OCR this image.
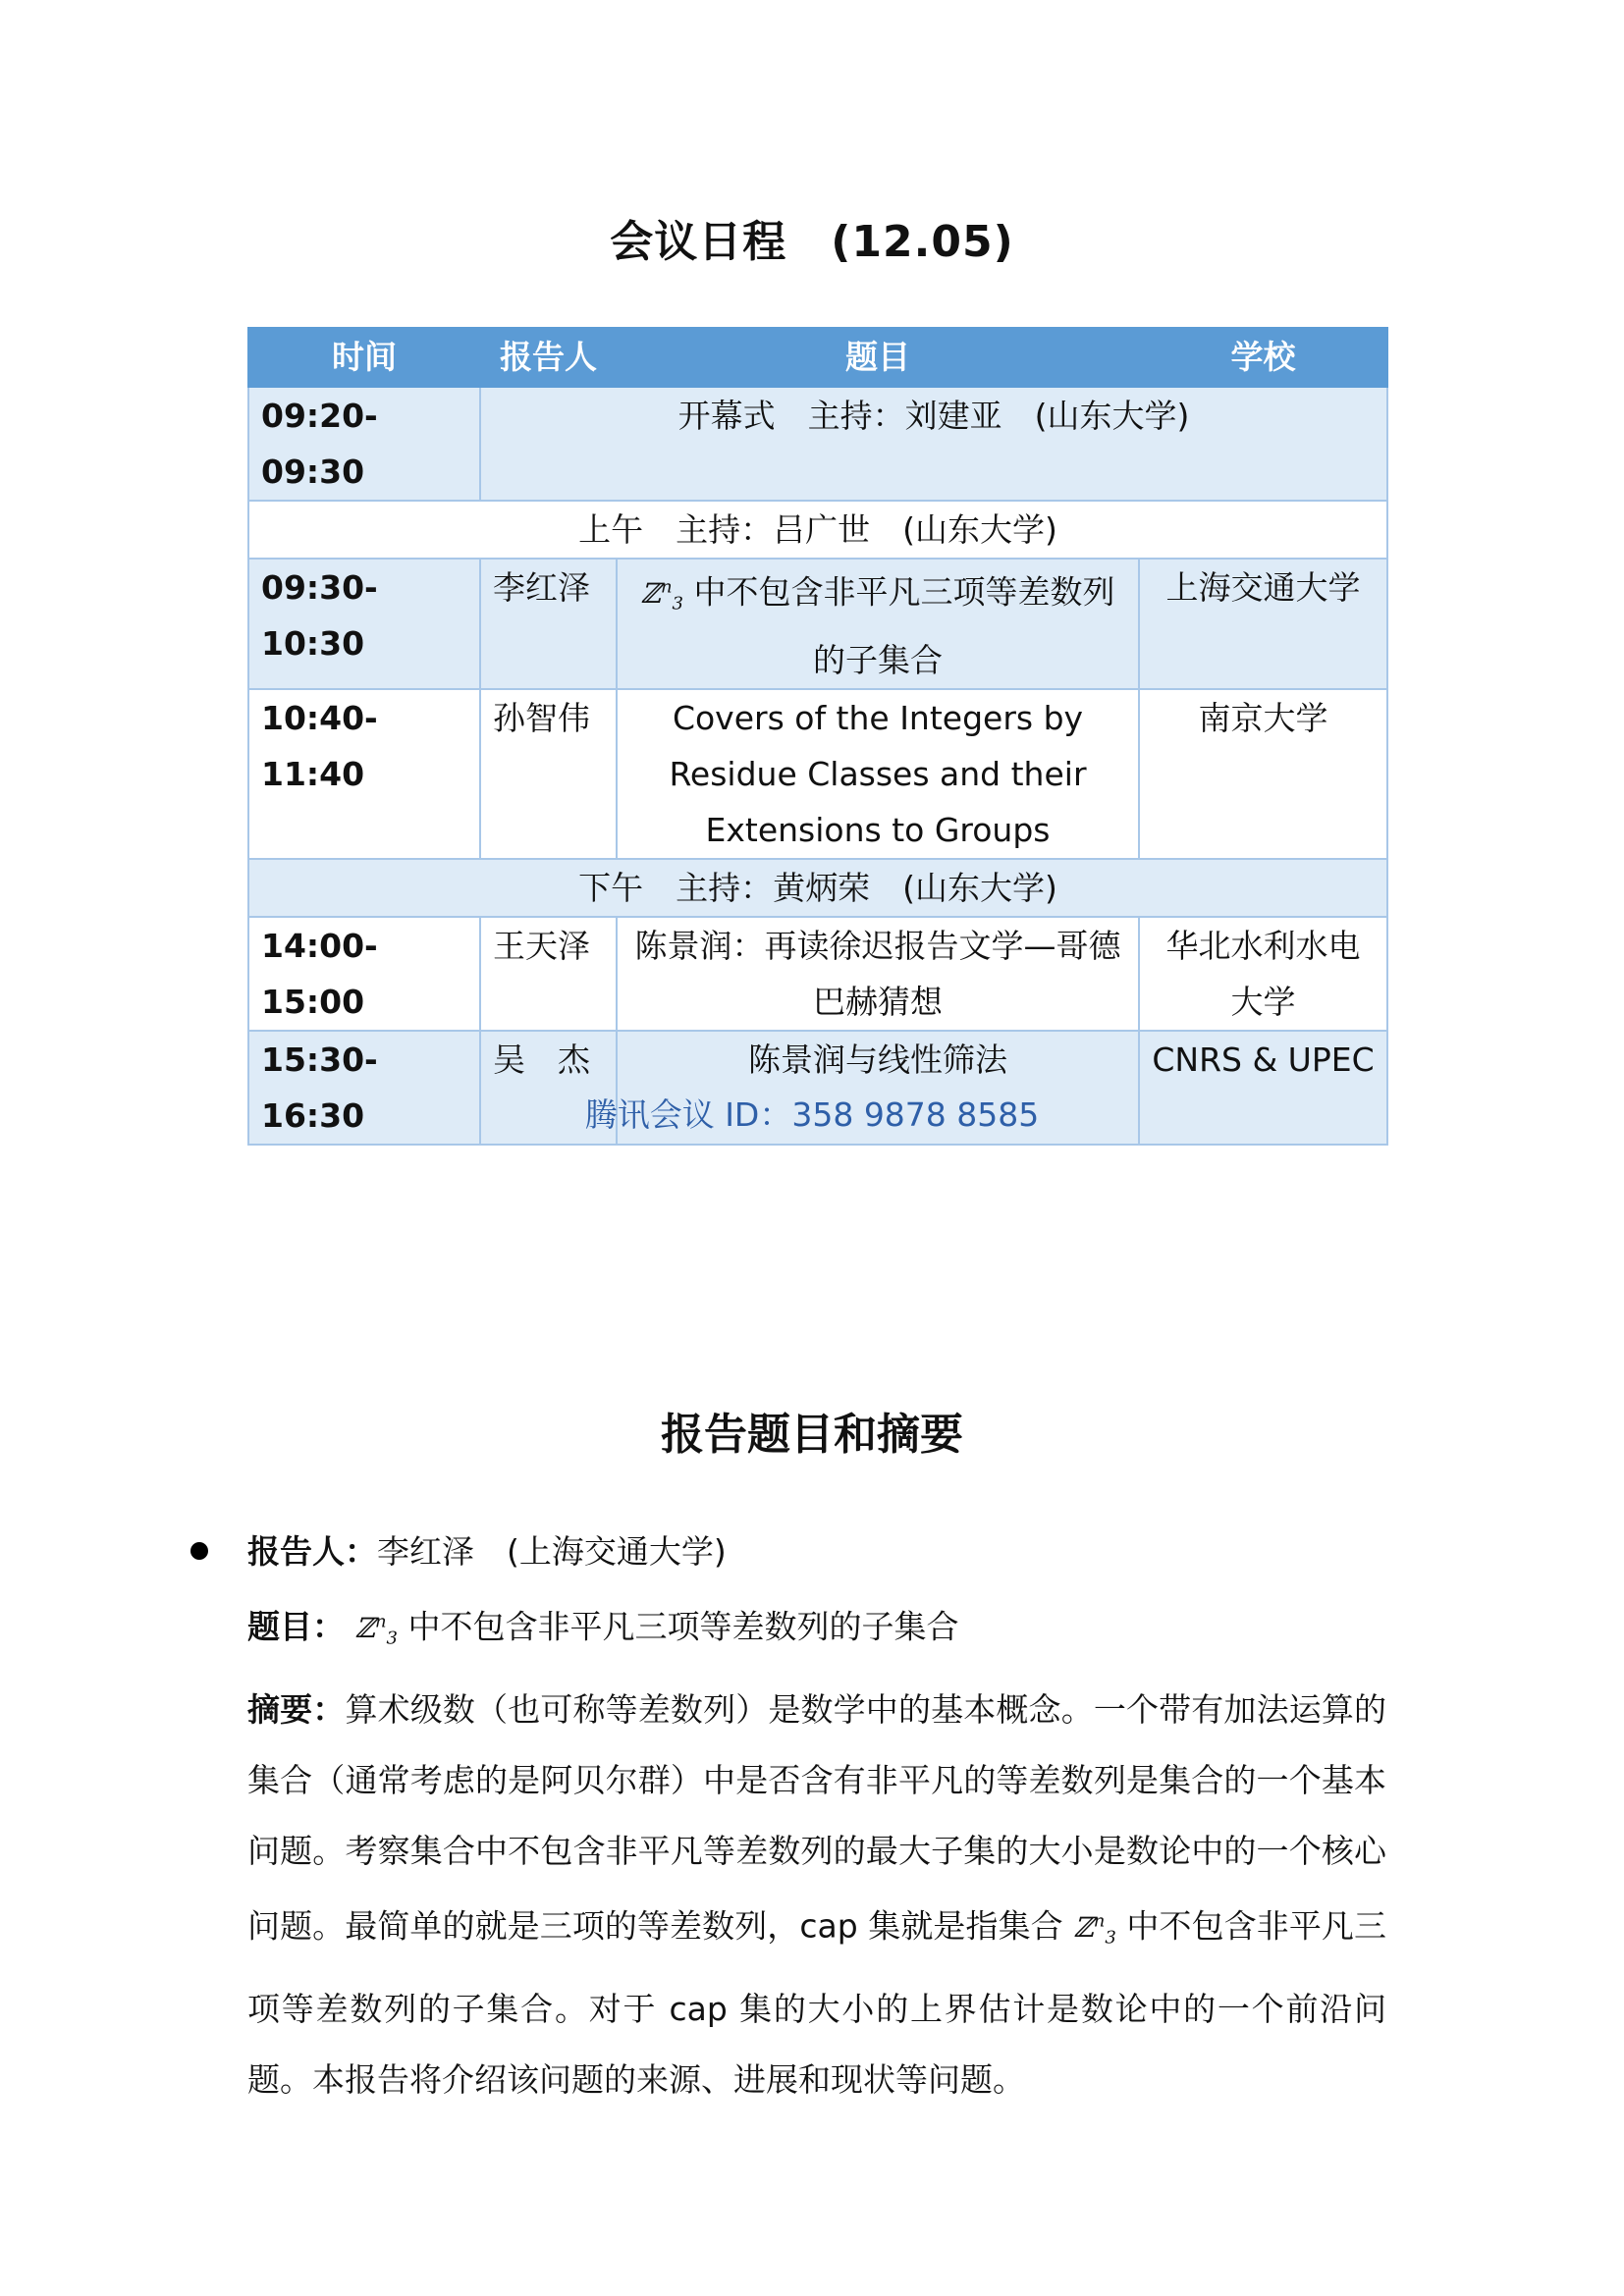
会议日程　(12.05)
时间	报告人	题目	学校
09:20-09:30	开幕式　主持：刘建亚　(山东大学)		
上午　主持：吕广世　(山东大学)			
09:30-10:30	李红泽	ℤ$^n_3$ 中不包含非平凡三项等差数列的子集合	上海交通大学
10:40-11:40	孙智伟	Covers of the Integers by Residue Classes and their Extensions to Groups	南京大学
下午　主持：黄炳荣　(山东大学)			
14:00-15:00	王天泽	陈景润：再读徐迟报告文学—哥德巴赫猜想	华北水利水电大学
15:30-16:30	吴　杰	陈景润与线性筛法	CNRS & UPEC
腾讯会议 ID：358 9878 8585
报告题目和摘要
报告人：李红泽　(上海交通大学)
题目： ℤ$^n_3$ 中不包含非平凡三项等差数列的子集合
摘要：算术级数（也可称等差数列）是数学中的基本概念。一个带有加法运算的集合（通常考虑的是阿贝尔群）中是否含有非平凡的等差数列是集合的一个基本问题。考察集合中不包含非平凡等差数列的最大子集的大小是数论中的一个核心问题。最简单的就是三项的等差数列，cap 集就是指集合 ℤ$^n_3$ 中不包含非平凡三项等差数列的子集合。对于 cap 集的大小的上界估计是数论中的一个前沿问题。本报告将介绍该问题的来源、进展和现状等问题。
